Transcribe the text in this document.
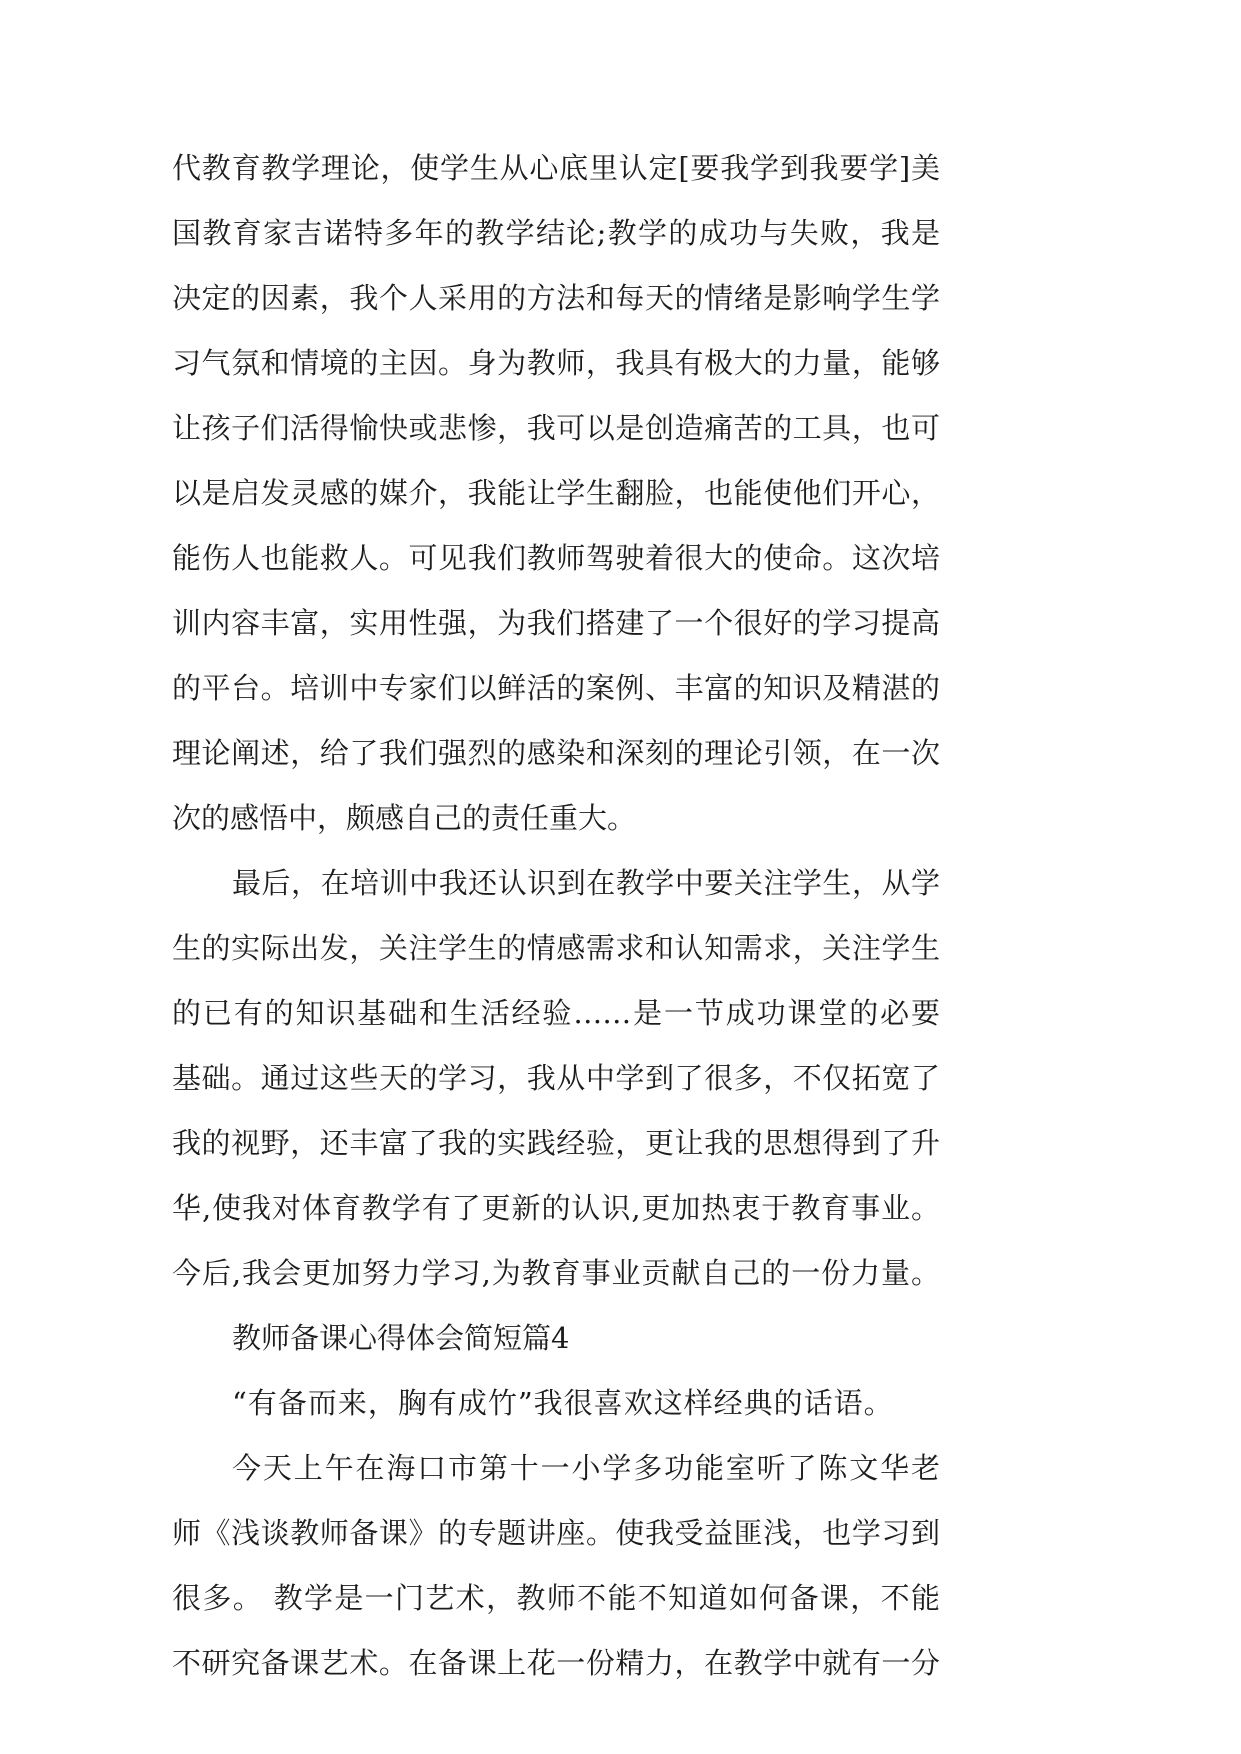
代教育教学理论，使学生从心底里认定[要我学到我要学]美
国教育家吉诺特多年的教学结论;教学的成功与失败，我是
决定的因素，我个人采用的方法和每天的情绪是影响学生学
习气氛和情境的主因。身为教师，我具有极大的力量，能够
让孩子们活得愉快或悲惨，我可以是创造痛苦的工具，也可
以是启发灵感的媒介，我能让学生翻脸，也能使他们开心，
能伤人也能救人。可见我们教师驾驶着很大的使命。这次培
训内容丰富，实用性强，为我们搭建了一个很好的学习提高
的平台。培训中专家们以鲜活的案例、丰富的知识及精湛的
理论阐述，给了我们强烈的感染和深刻的理论引领，在一次
次的感悟中，颇感自己的责任重大。
最后，在培训中我还认识到在教学中要关注学生，从学
生的实际出发，关注学生的情感需求和认知需求，关注学生
的已有的知识基础和生活经验……是一节成功课堂的必要
基础。通过这些天的学习，我从中学到了很多，不仅拓宽了
我的视野，还丰富了我的实践经验，更让我的思想得到了升
华,使我对体育教学有了更新的认识,更加热衷于教育事业。
今后,我会更加努力学习,为教育事业贡献自己的一份力量。
教师备课心得体会简短篇4
“有备而来，胸有成竹”我很喜欢这样经典的话语。
今天上午在海口市第十一小学多功能室听了陈文华老
师《浅谈教师备课》的专题讲座。使我受益匪浅，也学习到
很多。 教学是一门艺术，教师不能不知道如何备课，不能
不研究备课艺术。在备课上花一份精力，在教学中就有一分
